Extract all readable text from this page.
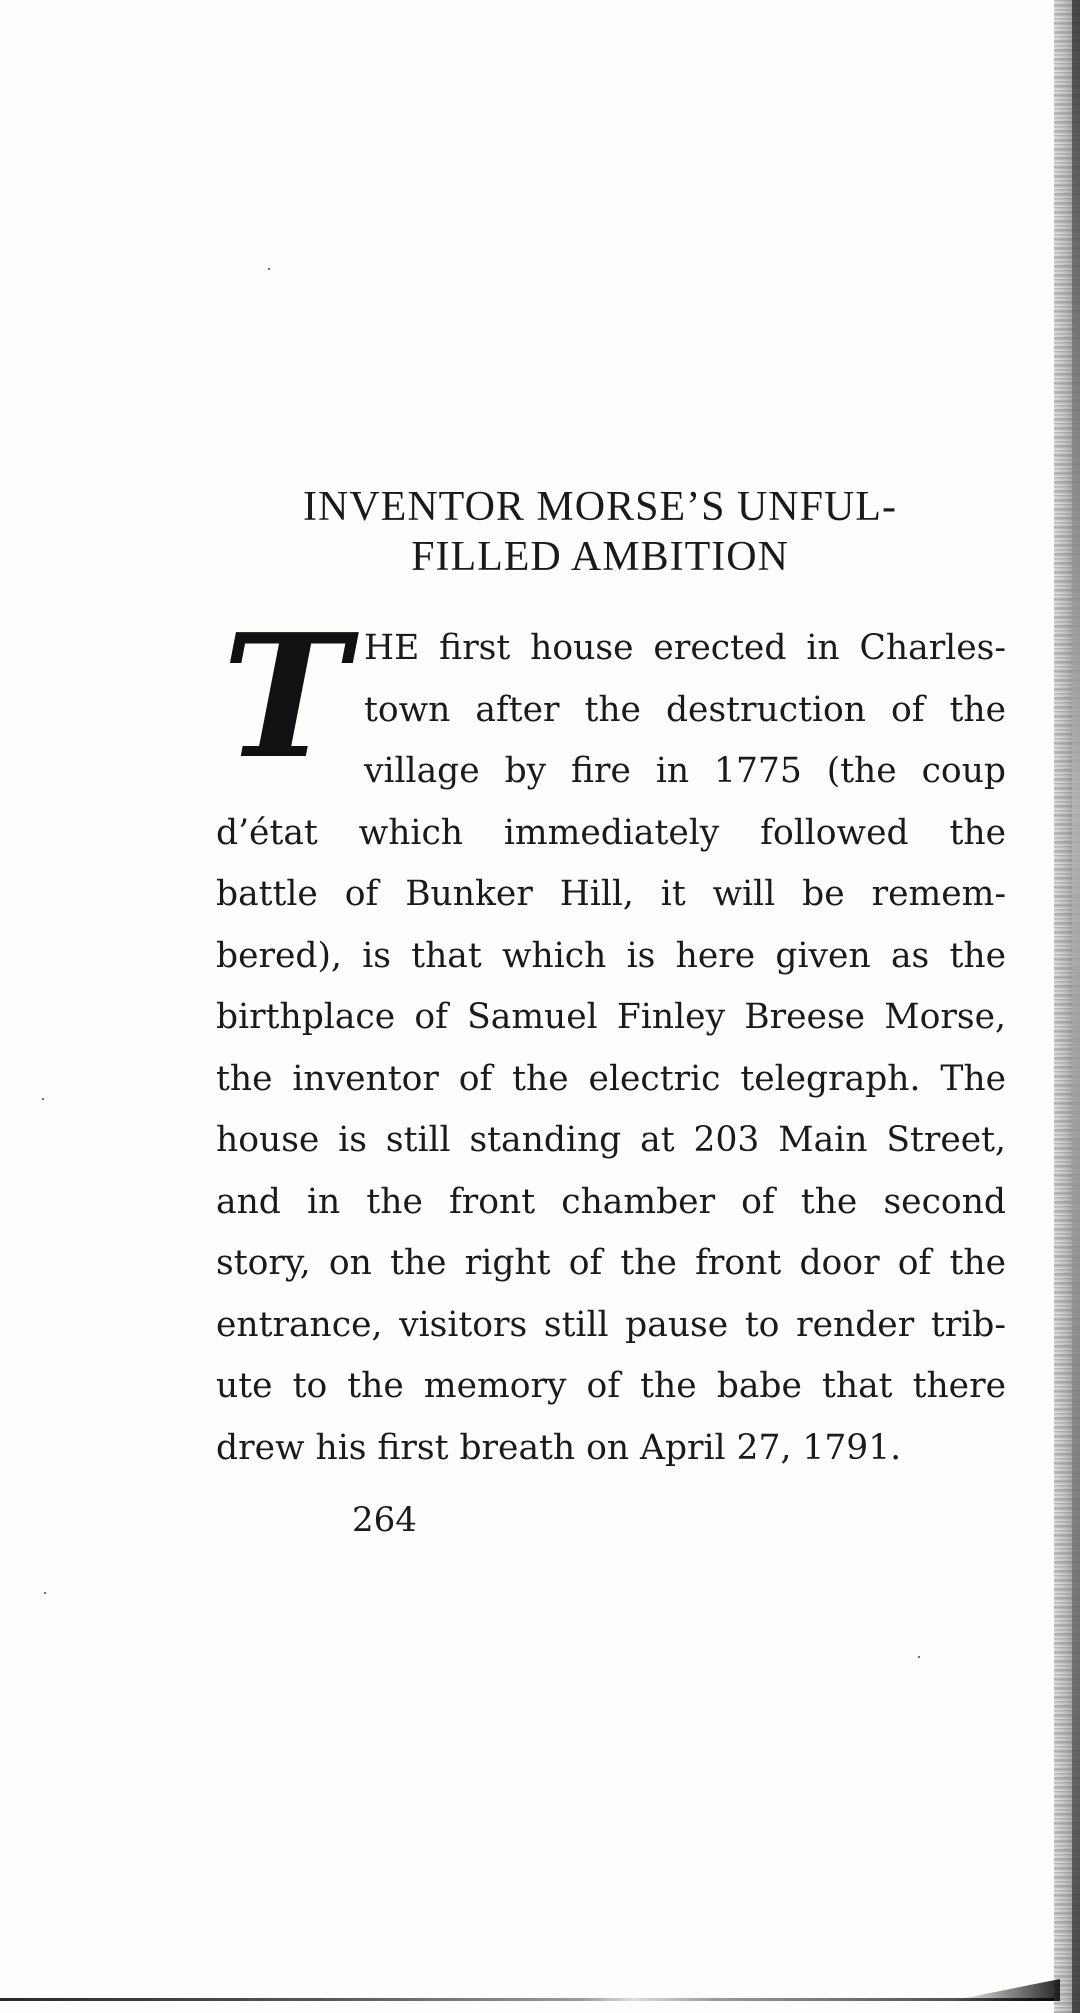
INVENTOR MORSE’S UNFUL-
FILLED AMBITION
T HE first house erected in Charles-
town after the destruction of the
village by fire in 1775 (the coup
d’état which immediately followed the
battle of Bunker Hill, it will be remem-
bered), is that which is here given as the
birthplace of Samuel Finley Breese Morse,
the inventor of the electric telegraph. The
house is still standing at 203 Main Street,
and in the front chamber of the second
story, on the right of the front door of the
entrance, visitors still pause to render trib-
ute to the memory of the babe that there
drew his first breath on April 27, 1791.
264
